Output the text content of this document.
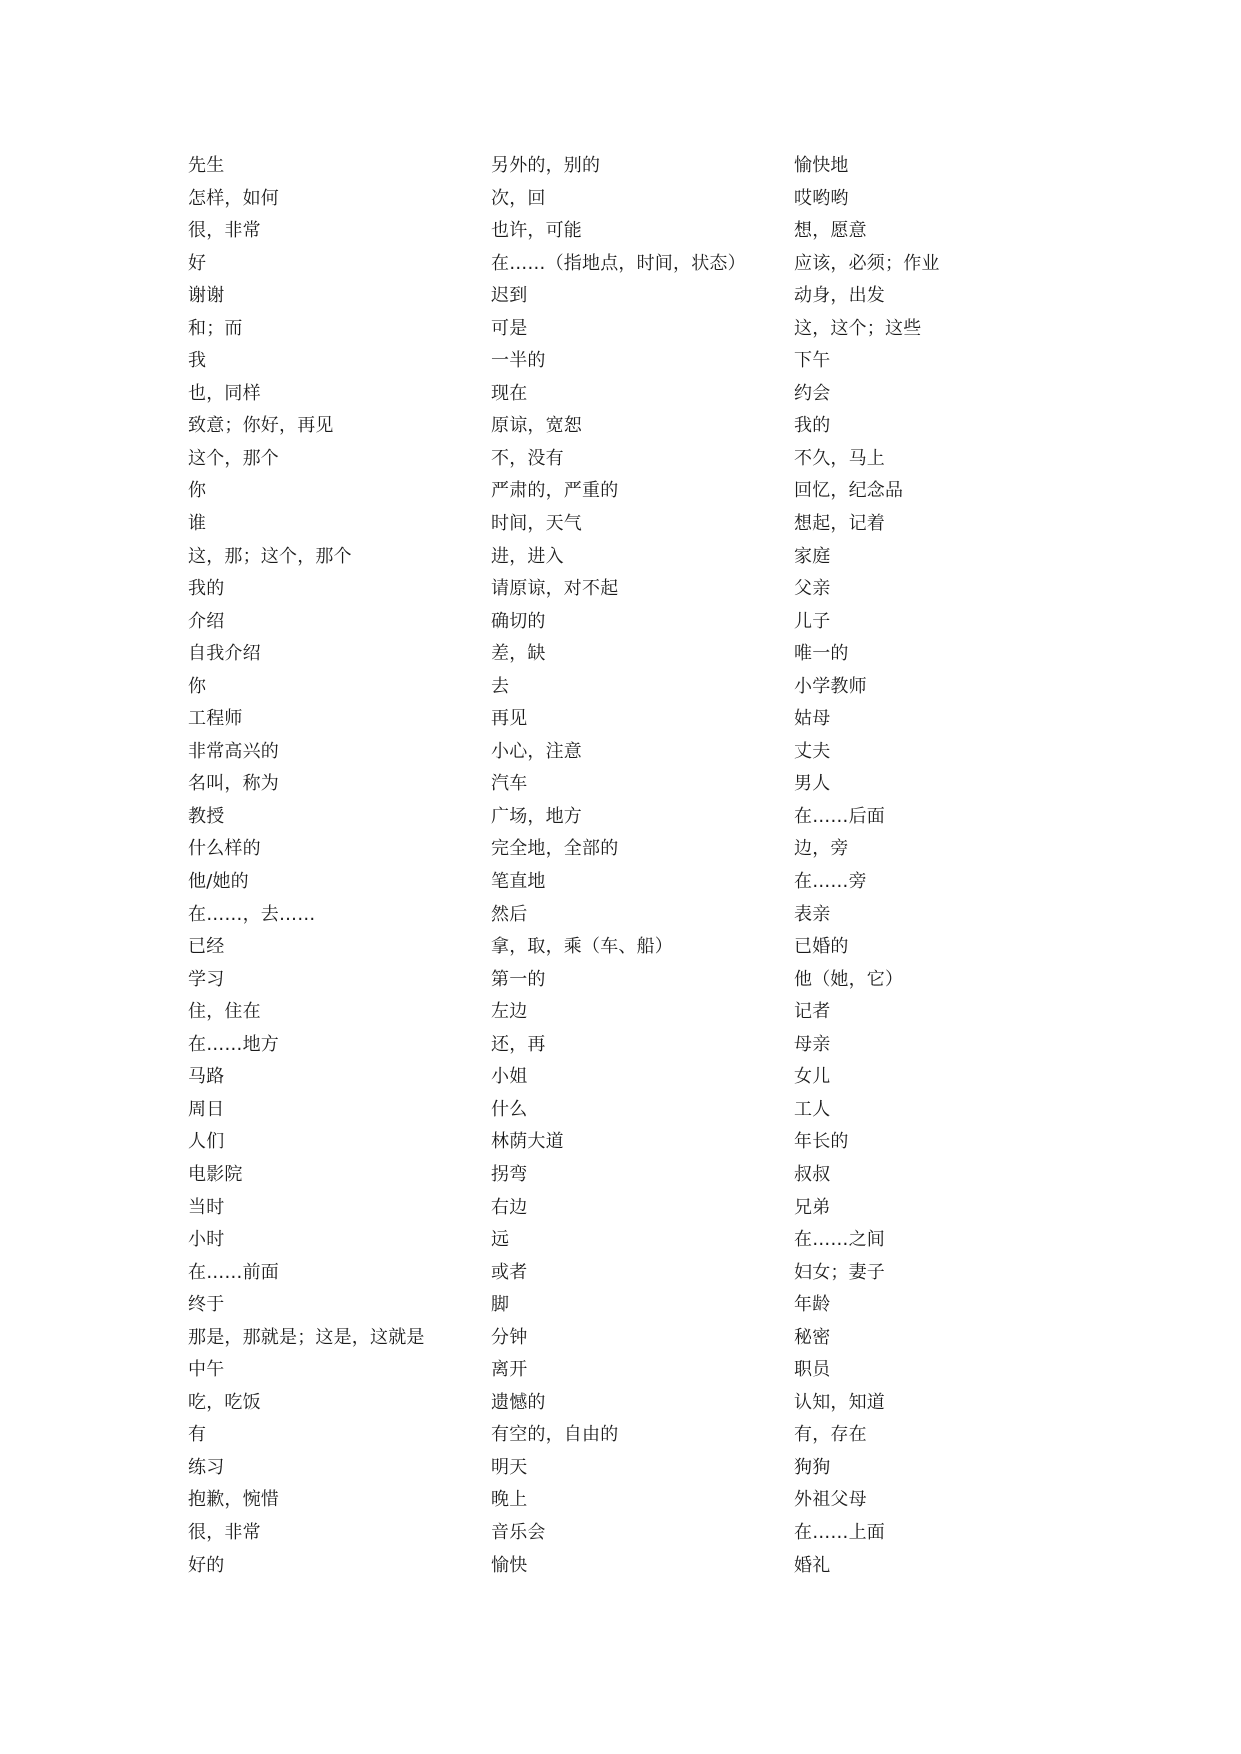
先生
怎样，如何
很，非常
好
谢谢
和；而
我
也，同样
致意；你好，再见
这个，那个
你
谁
这，那；这个，那个
我的
介绍
自我介绍
你
工程师
非常高兴的
名叫，称为
教授
什么样的
他/她的
在……，去……
已经
学习
住，住在
在……地方
马路
周日
人们
电影院
当时
小时
在……前面
终于
那是，那就是；这是，这就是
中午
吃，吃饭
有
练习
抱歉，惋惜
很，非常
好的
另外的，别的
次，回
也许，可能
在……（指地点，时间，状态）
迟到
可是
一半的
现在
原谅，宽恕
不，没有
严肃的，严重的
时间，天气
进，进入
请原谅，对不起
确切的
差，缺
去
再见
小心，注意
汽车
广场，地方
完全地，全部的
笔直地
然后
拿，取，乘（车、船）
第一的
左边
还，再
小姐
什么
林荫大道
拐弯
右边
远
或者
脚
分钟
离开
遗憾的
有空的，自由的
明天
晚上
音乐会
愉快
愉快地
哎哟哟
想，愿意
应该，必须；作业
动身，出发
这，这个；这些
下午
约会
我的
不久，马上
回忆，纪念品
想起，记着
家庭
父亲
儿子
唯一的
小学教师
姑母
丈夫
男人
在……后面
边，旁
在……旁
表亲
已婚的
他（她，它）
记者
母亲
女儿
工人
年长的
叔叔
兄弟
在……之间
妇女；妻子
年龄
秘密
职员
认知，知道
有，存在
狗狗
外祖父母
在……上面
婚礼
